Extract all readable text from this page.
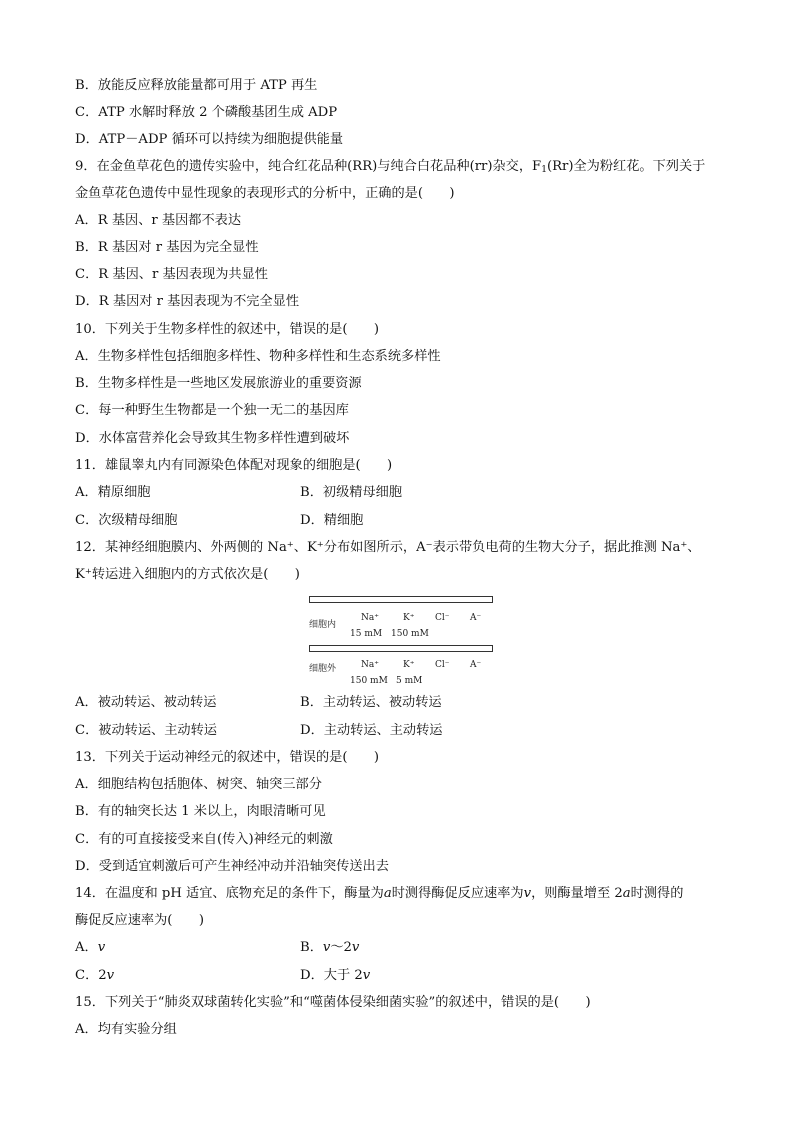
B．放能反应释放能量都可用于 ATP 再生
C．ATP 水解时释放 2 个磷酸基团生成 ADP
D．ATP－ADP 循环可以持续为细胞提供能量
9．在金鱼草花色的遗传实验中，纯合红花品种(RR)与纯合白花品种(rr)杂交，$F_1(Rr)$全为粉红花。下列关于
金鱼草花色遗传中显性现象的表现形式的分析中，正确的是(　　)
A．R 基因、r 基因都不表达
B．R 基因对 r 基因为完全显性
C．R 基因、r 基因表现为共显性
D．R 基因对 r 基因表现为不完全显性
10．下列关于生物多样性的叙述中，错误的是(　　)
A．生物多样性包括细胞多样性、物种多样性和生态系统多样性
B．生物多样性是一些地区发展旅游业的重要资源
C．每一种野生生物都是一个独一无二的基因库
D．水体富营养化会导致其生物多样性遭到破坏
11．雄鼠睾丸内有同源染色体配对现象的细胞是(　　)
A．精原细胞	B．初级精母细胞
C．次级精母细胞	D．精细胞
12．某神经细胞膜内、外两侧的 Na⁺、K⁺分布如图所示，A⁻表示带负电荷的生物大分子，据此推测 Na⁺、
K⁺转运进入细胞内的方式依次是(　　)
细胞内
Na⁺	K⁺ Cl⁻ A⁻
15 mM 150 mM
细胞外	Na⁺	K⁺ Cl⁻ A⁻
150 mM 5 mM
A．被动转运、被动转运	B．主动转运、被动转运
C．被动转运、主动转运	D．主动转运、主动转运
13．下列关于运动神经元的叙述中，错误的是(　　)
A．细胞结构包括胞体、树突、轴突三部分
B．有的轴突长达 1 米以上，肉眼清晰可见
C．有的可直接接受来自(传入)神经元的刺激
D．受到适宜刺激后可产生神经冲动并沿轴突传送出去
14．在温度和 pH 适宜、底物充足的条件下，酶量为a时测得酶促反应速率为v，则酶量增至 2a时测得的
酶促反应速率为(　　)
A．v	B．v～2v
C．2v	D．大于 2v
15．下列关于“肺炎双球菌转化实验”和“噬菌体侵染细菌实验”的叙述中，错误的是(　　)
A．均有实验分组
